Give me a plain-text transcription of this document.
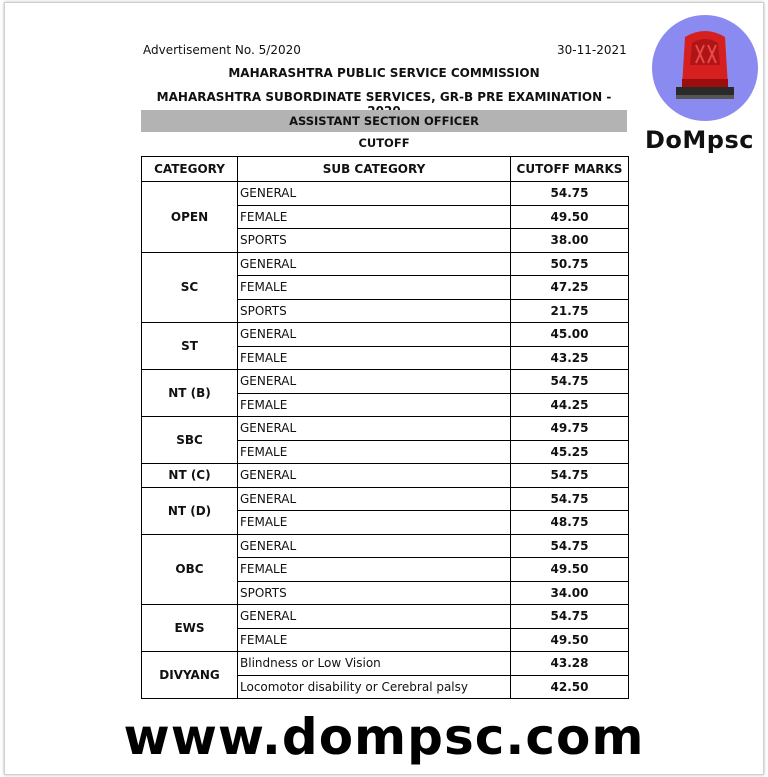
Advertisement No. 5/2020	30-11-2021
MAHARASHTRA PUBLIC SERVICE COMMISSION
MAHARASHTRA SUBORDINATE SERVICES, GR-B PRE EXAMINATION -
ASSISTANT SECTION OFFICER
CUTOFF
CATEGORY	SUB CATEGORY	CUTOFF MARKS
OPEN	GENERAL	54.75
	FEMALE	49.50
	SPORTS	38.00
SC	GENERAL	50.75
	FEMALE	47.25
	SPORTS	21.75
ST	GENERAL	45.00
	FEMALE	43.25
NT (B)	GENERAL	54.75
	FEMALE	44.25
SBC	GENERAL	49.75
	FEMALE	45.25
NT (C)	GENERAL	54.75
NT (D)	GENERAL	54.75
	FEMALE	48.75
OBC	GENERAL	54.75
	FEMALE	49.50
	SPORTS	34.00
EWS	GENERAL	54.75
	FEMALE	49.50
DIVYANG	Blindness or Low Vision	43.28
	Locomotor disability or Cerebral palsy	42.50
DoMpsc
www.dompsc.com
